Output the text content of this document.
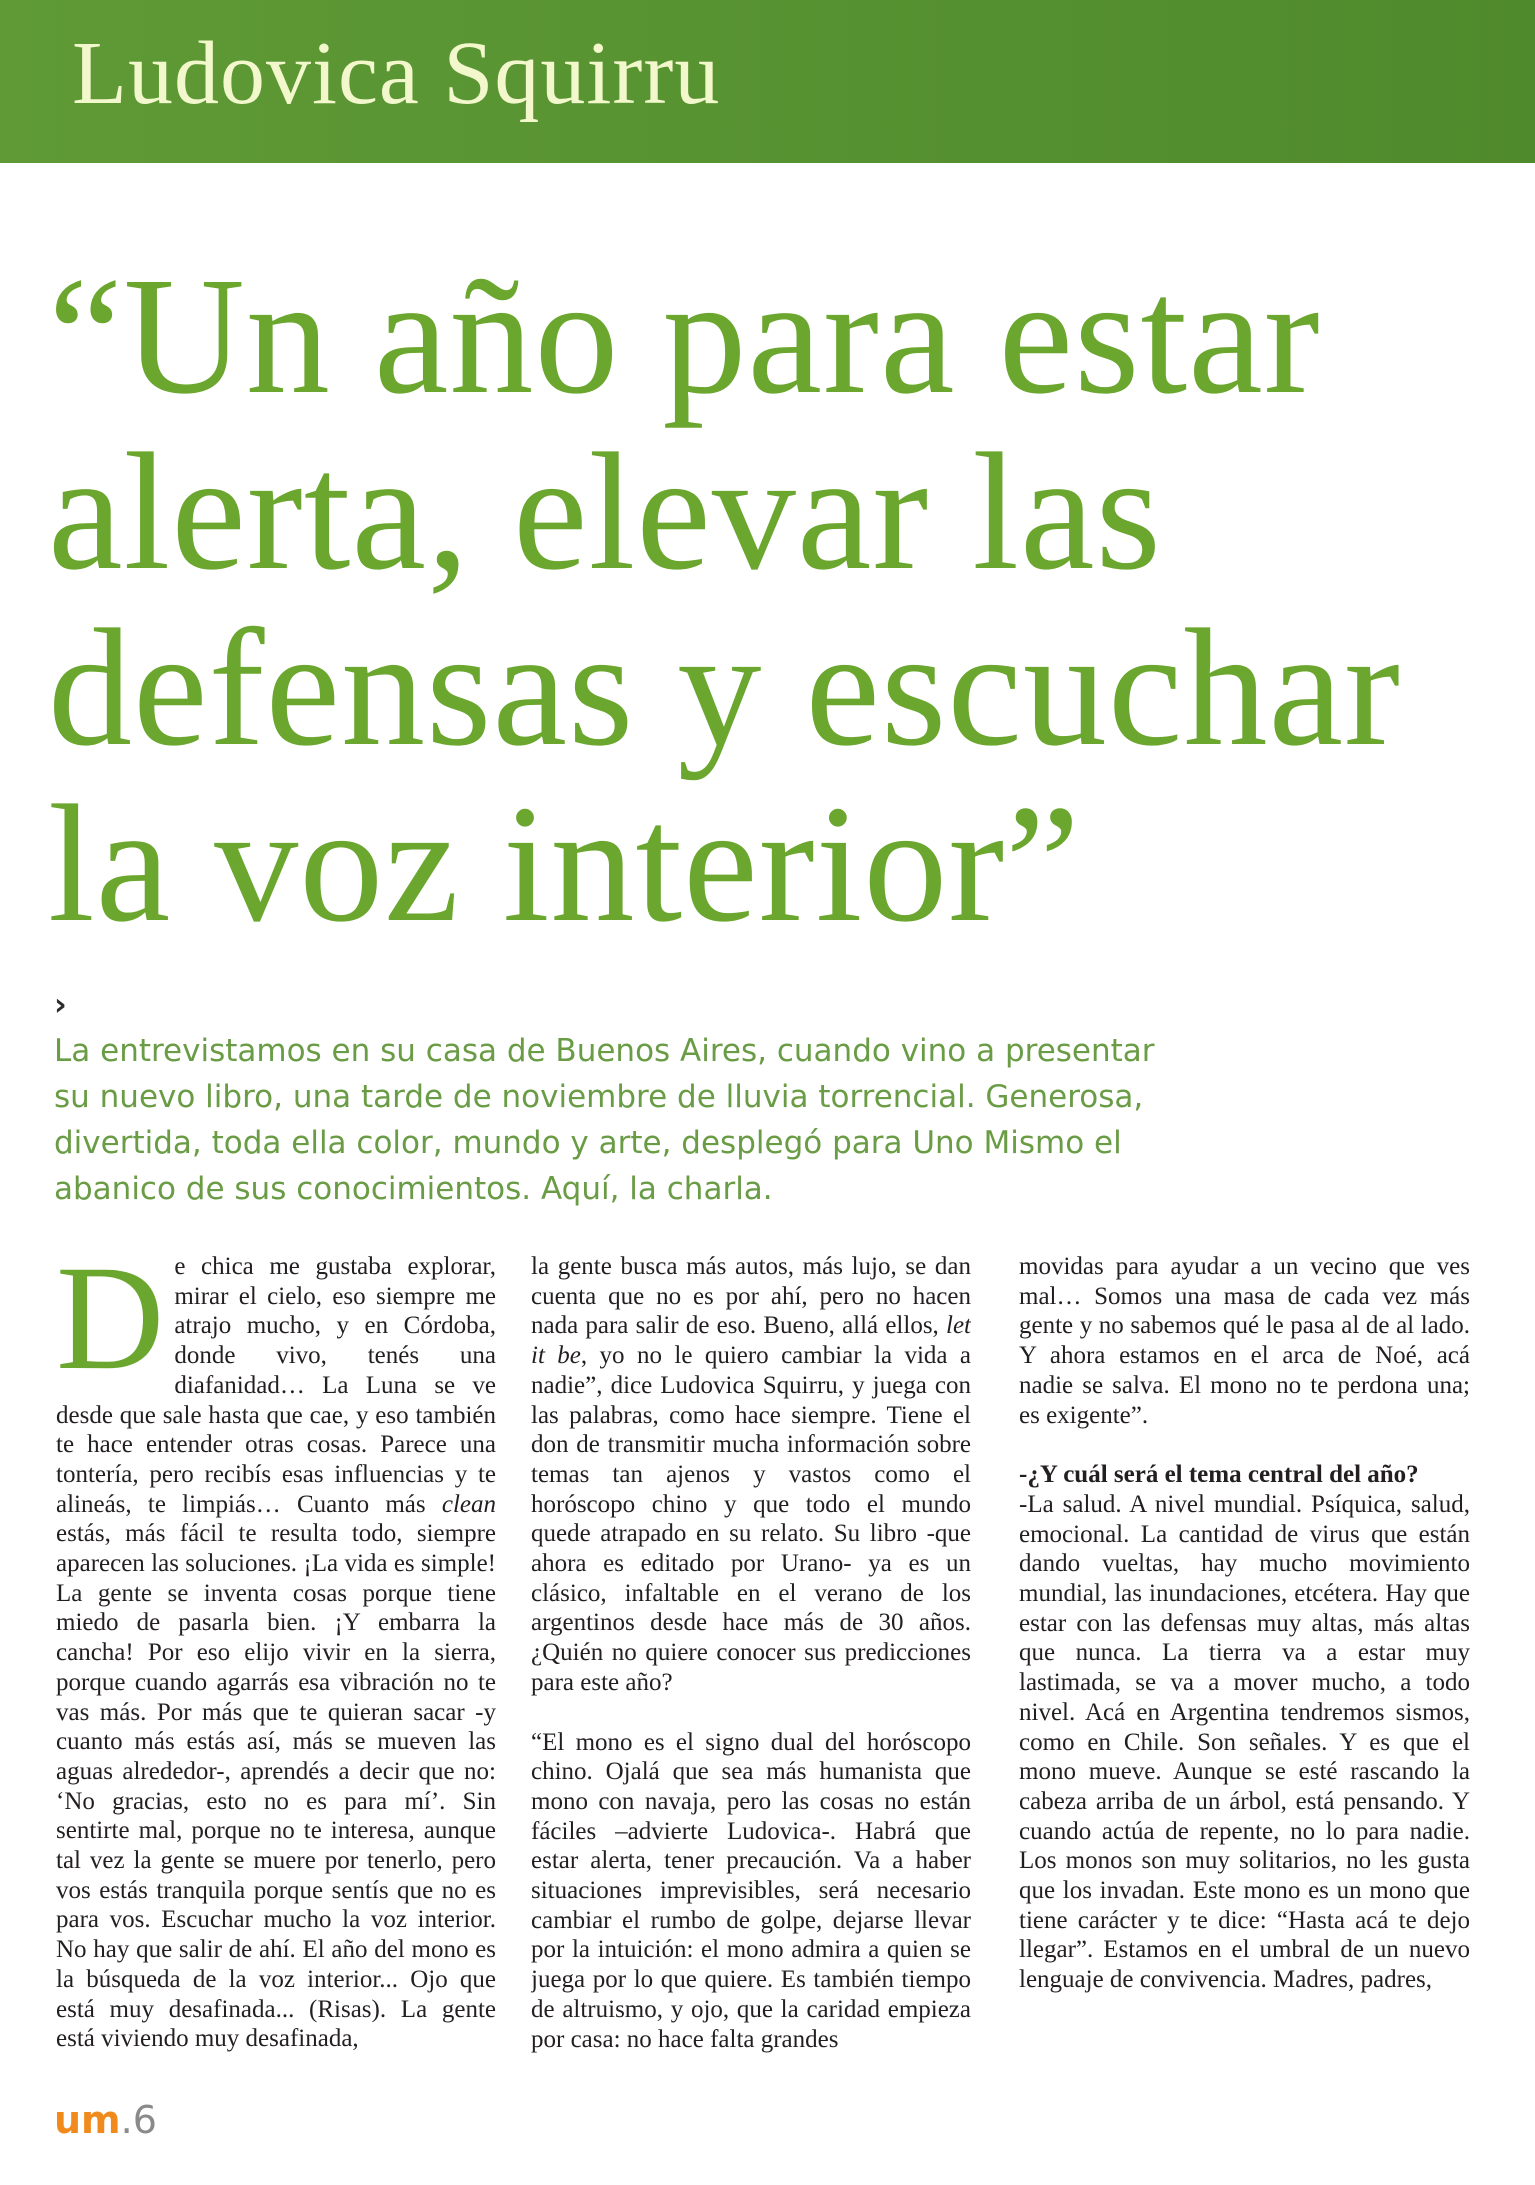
Ludovica Squirru
“Un año para estar
alerta, elevar las
defensas y escuchar
la voz interior”
›
La entrevistamos en su casa de Buenos Aires, cuando vino a presentar
su nuevo libro, una tarde de noviembre de lluvia torrencial. Generosa,
divertida, toda ella color, mundo y arte, desplegó para Uno Mismo el
abanico de sus conocimientos. Aquí, la charla.

De chica me gustaba explorar, mirar el cielo, eso siempre me atrajo mucho, y en Córdoba, donde vivo, tenés una diafanidad… La Luna se ve desde que sale hasta que cae, y eso también te hace entender otras cosas. Parece una tontería, pero recibís esas influencias y te alineás, te limpiás… Cuanto más clean estás, más fácil te resulta todo, siempre aparecen las soluciones. ¡La vida es simple! La gente se inventa cosas porque tiene miedo de pasarla bien. ¡Y embarra la cancha! Por eso elijo vivir en la sierra, porque cuando agarrás esa vibración no te vas más. Por más que te quieran sacar -y cuanto más estás así, más se mueven las aguas alrededor-, aprendés a decir que no: ‘No gracias, esto no es para mí’. Sin sentirte mal, porque no te interesa, aunque tal vez la gente se muere por tenerlo, pero vos estás tranquila porque sentís que no es para vos. Escuchar mucho la voz interior. No hay que salir de ahí. El año del mono es la búsqueda de la voz interior... Ojo que está muy desafinada... (Risas). La gente está viviendo muy desafinada,

la gente busca más autos, más lujo, se dan cuenta que no es por ahí, pero no hacen nada para salir de eso. Bueno, allá ellos, let it be, yo no le quiero cambiar la vida a nadie”, dice Ludovica Squirru, y juega con las palabras, como hace siempre. Tiene el don de transmitir mucha información sobre temas tan ajenos y vastos como el horóscopo chino y que todo el mundo quede atrapado en su relato. Su libro -que ahora es editado por Urano- ya es un clásico, infaltable en el verano de los argentinos desde hace más de 30 años. ¿Quién no quiere conocer sus predicciones para este año?

“El mono es el signo dual del horóscopo chino. Ojalá que sea más humanista que mono con navaja, pero las cosas no están fáciles –advierte Ludovica-. Habrá que estar alerta, tener precaución. Va a haber situaciones imprevisibles, será necesario cambiar el rumbo de golpe, dejarse llevar por la intuición: el mono admira a quien se juega por lo que quiere. Es también tiempo de altruismo, y ojo, que la caridad empieza por casa: no hace falta grandes

movidas para ayudar a un vecino que ves mal… Somos una masa de cada vez más gente y no sabemos qué le pasa al de al lado. Y ahora estamos en el arca de Noé, acá nadie se salva. El mono no te perdona una; es exigente”.

-¿Y cuál será el tema central del año?

-La salud. A nivel mundial. Psíquica, salud, emocional. La cantidad de virus que están dando vueltas, hay mucho movimiento mundial, las inundaciones, etcétera. Hay que estar con las defensas muy altas, más altas que nunca. La tierra va a estar muy lastimada, se va a mover mucho, a todo nivel. Acá en Argentina tendremos sismos, como en Chile. Son señales. Y es que el mono mueve. Aunque se esté rascando la cabeza arriba de un árbol, está pensando. Y cuando actúa de repente, no lo para nadie. Los monos son muy solitarios, no les gusta que los invadan. Este mono es un mono que tiene carácter y te dice: “Hasta acá te dejo llegar”. Estamos en el umbral de un nuevo lenguaje de convivencia. Madres, padres,

um.6
